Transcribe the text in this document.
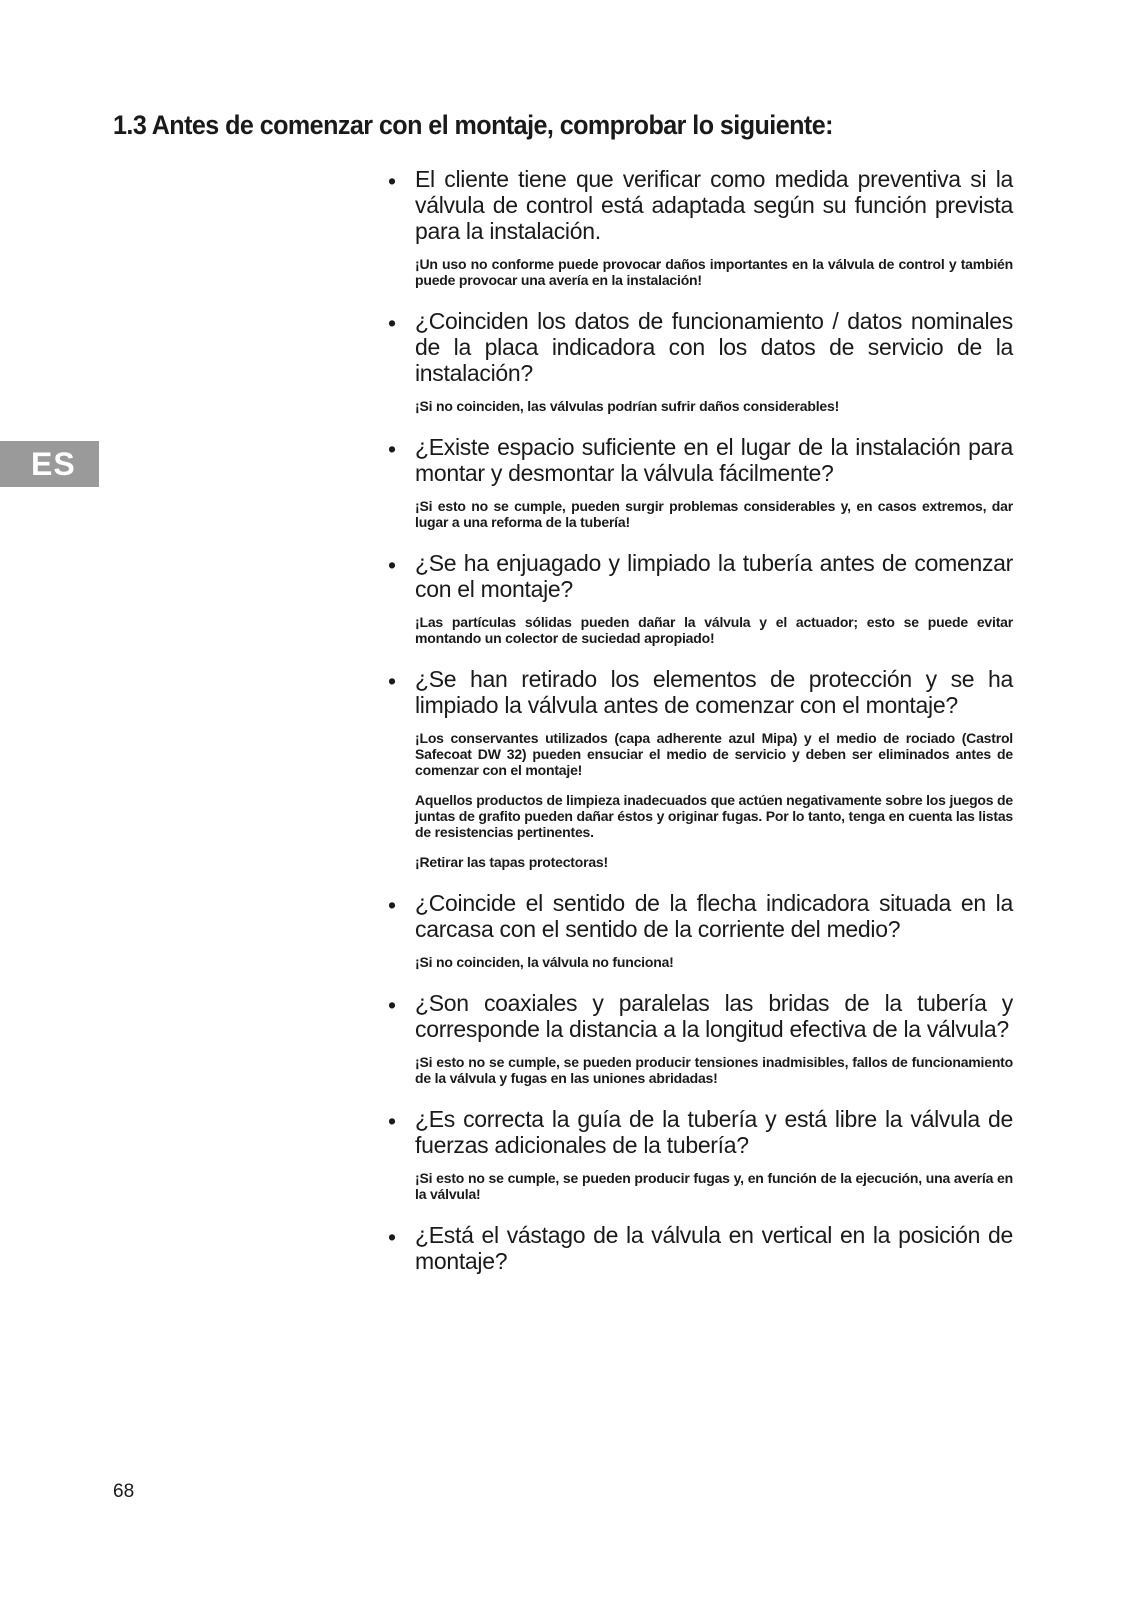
1.3 Antes de comenzar con el montaje, comprobar lo siguiente:
ES
• El cliente tiene que verificar como medida preventiva si la válvula de control está adaptada según su función prevista para la instalación.
¡Un uso no conforme puede provocar daños importantes en la válvula de control y también puede provocar una avería en la instalación!
• ¿Coinciden los datos de funcionamiento / datos nominales de la placa indicadora con los datos de servicio de la instalación?
¡Si no coinciden, las válvulas podrían sufrir daños considerables!
• ¿Existe espacio suficiente en el lugar de la instalación para montar y desmontar la válvula fácilmente?
¡Si esto no se cumple, pueden surgir problemas considerables y, en casos extremos, dar lugar a una reforma de la tubería!
• ¿Se ha enjuagado y limpiado la tubería antes de comenzar con el montaje?
¡Las partículas sólidas pueden dañar la válvula y el actuador; esto se puede evitar montando un colector de suciedad apropiado!
• ¿Se han retirado los elementos de protección y se ha limpiado la válvula antes de comenzar con el montaje?
¡Los conservantes utilizados (capa adherente azul Mipa) y el medio de rociado (Castrol Safecoat DW 32) pueden ensuciar el medio de servicio y deben ser eliminados antes de comenzar con el montaje!
Aquellos productos de limpieza inadecuados que actúen negativamente sobre los juegos de juntas de grafito pueden dañar éstos y originar fugas. Por lo tanto, tenga en cuenta las listas de resistencias pertinentes.
¡Retirar las tapas protectoras!
• ¿Coincide el sentido de la flecha indicadora situada en la carcasa con el sentido de la corriente del medio?
¡Si no coinciden, la válvula no funciona!
• ¿Son coaxiales y paralelas las bridas de la tubería y corresponde la distancia a la longitud efectiva de la válvula?
¡Si esto no se cumple, se pueden producir tensiones inadmisibles, fallos de funcionamiento de la válvula y fugas en las uniones abridadas!
• ¿Es correcta la guía de la tubería y está libre la válvula de fuerzas adicionales de la tubería?
¡Si esto no se cumple, se pueden producir fugas y, en función de la ejecución, una avería en la válvula!
• ¿Está el vástago de la válvula en vertical en la posición de montaje?
68
